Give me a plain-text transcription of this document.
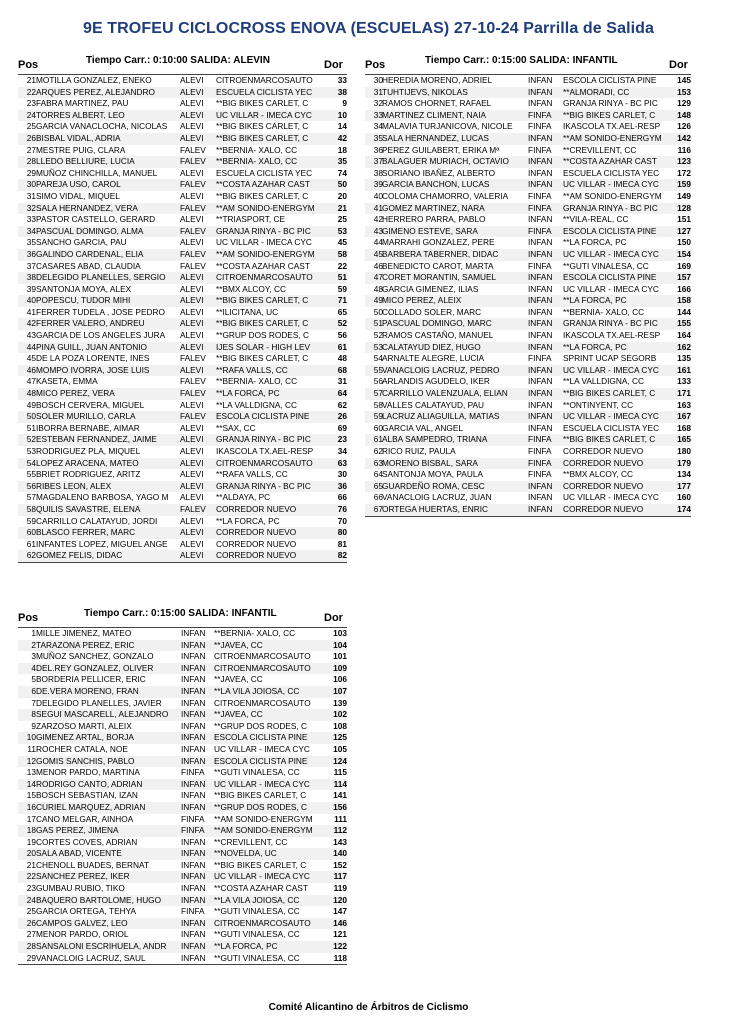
9E TROFEU CICLOCROSS ENOVA (ESCUELAS) 27-10-24 Parrilla de Salida
Pos	Tiempo Carr.: 0:10:00 SALIDA: ALEVIN	Dor
21 MOTILLA GONZALEZ, ENEKO	ALEVI CITROENMARCOSAUTO	33
22 ARQUES PEREZ, ALEJANDRO	ALEVI ESCUELA CICLISTA YEC	38
23 FABRA MARTINEZ, PAU	ALEVI **BIG BIKES CARLET, C	9
24 TORRES ALBERT, LEO	ALEVI UC VILLAR - IMECA CYC	10
25 GARCIA VANACLOCHA, NICOLAS	ALEVI **BIG BIKES CARLET, C	14
26 BISBAL VIDAL, ADRIA	ALEVI **BIG BIKES CARLET, C	42
27 MESTRE PUIG, CLARA	FALEV **BERNIA- XALO, CC	18
28 LLEDO BELLIURE, LUCIA	FALEV **BERNIA- XALO, CC	35
29 MUÑOZ CHINCHILLA, MANUEL	ALEVI ESCUELA CICLISTA YEC	74
30 PAREJA USO, CAROL	FALEV **COSTA AZAHAR CAST	50
31 SIMO VIDAL, MIQUEL	ALEVI **BIG BIKES CARLET, C	20
32 SALA HERNANDEZ, VERA	FALEV **AM SONIDO-ENERGYM	21
33 PASTOR CASTELLO, GERARD	ALEVI **TRIASPORT, CE	25
34 PASCUAL DOMINGO, ALMA	FALEV GRANJA RINYA - BC PIC	53
35 SANCHO GARCIA, PAU	ALEVI UC VILLAR - IMECA CYC	45
36 GALINDO CARDENAL, ELIA	FALEV **AM SONIDO-ENERGYM	58
37 CASARES ABAD, CLAUDIA	FALEV **COSTA AZAHAR CAST	22
38 DELEGIDO PLANELLES, SERGIO	ALEVI CITROENMARCOSAUTO	51
39 SANTONJA MOYA, ALEX	ALEVI **BMX ALCOY, CC	59
40 POPESCU, TUDOR MIHI	ALEVI **BIG BIKES CARLET, C	71
41 FERRER TUDELA , JOSE PEDRO	ALEVI **ILICITANA, UC	65
42 FERRER VALERO, ANDREU	ALEVI **BIG BIKES CARLET, C	52
43 GARCIA DE LOS ANGELES JURA	ALEVI **GRUP DOS RODES, C	56
44 PINA GUILL, JUAN ANTONIO	ALEVI IJES SOLAR - HIGH LEV	61
45 DE LA POZA LORENTE, INES	FALEV **BIG BIKES CARLET, C	48
46 MOMPO IVORRA, JOSE LUIS	ALEVI **RAFA VALLS, CC	68
47 KASETA, EMMA	FALEV **BERNIA- XALO, CC	31
48 MICO PEREZ, VERA	FALEV **LA FORCA, PC	64
49 BOSCH CERVERA, MIGUEL	ALEVI **LA VALLDIGNA, CC	62
50 SOLER MURILLO, CARLA	FALEV ESCOLA CICLISTA PINE	26
51 IBORRA BERNABE, AIMAR	ALEVI **SAX, CC	69
52 ESTEBAN FERNANDEZ, JAIME	ALEVI GRANJA RINYA - BC PIC	23
53 RODRIGUEZ PLA, MIQUEL	ALEVI IKASCOLA TX.AEL-RESP	34
54 LOPEZ ARACENA, MATEO	ALEVI CITROENMARCOSAUTO	63
55 BRIET RODRIGUEZ, ARITZ	ALEVI **RAFA VALLS, CC	30
56 RIBES LEON, ALEX	ALEVI GRANJA RINYA - BC PIC	36
57 MAGDALENO BARBOSA, YAGO M	ALEVI **ALDAYA, PC	66
58 QUILIS SAVASTRE, ELENA	FALEV CORREDOR NUEVO	76
59 CARRILLO CALATAYUD, JORDI	ALEVI **LA FORCA, PC	70
60 BLASCO FERRER, MARC	ALEVI CORREDOR NUEVO	80
61 INFANTES LOPEZ, MIGUEL ANGE	ALEVI CORREDOR NUEVO	81
62 GOMEZ FELIS, DIDAC	ALEVI CORREDOR NUEVO	82
Pos	Tiempo Carr.: 0:15:00 SALIDA: INFANTIL	Dor
30 HEREDIA MORENO, ADRIEL	INFAN ESCOLA CICLISTA PINE	145
31 TUHTIJEVS, NIKOLAS	INFAN **ALMORADI, CC	153
32 RAMOS CHORNET, RAFAEL	INFAN GRANJA RINYA - BC PIC	129
33 MARTINEZ CLIMENT, NAIA	FINFA **BIG BIKES CARLET, C	148
34 MALAVIA TURJANICOVA, NICOLE	FINFA IKASCOLA TX.AEL-RESP	126
35 SALA HERNANDEZ, LUCAS	INFAN **AM SONIDO-ENERGYM	142
36 PEREZ GUILABERT, ERIKA Mª	FINFA **CREVILLENT, CC	116
37 BALAGUER MURIACH, OCTAVIO	INFAN **COSTA AZAHAR CAST	123
38 SORIANO IBAÑEZ, ALBERTO	INFAN ESCUELA CICLISTA YEC	172
39 GARCIA BANCHON, LUCAS	INFAN UC VILLAR - IMECA CYC	159
40 COLOMA CHAMORRO, VALERIA	FINFA **AM SONIDO-ENERGYM	149
41 GOMEZ MARTINEZ, NARA	FINFA GRANJA RINYA - BC PIC	128
42 HERRERO PARRA, PABLO	INFAN **VILA-REAL, CC	151
43 GIMENO ESTEVE, SARA	FINFA ESCOLA CICLISTA PINE	127
44 MARRAHI GONZALEZ, PERE	INFAN **LA FORCA, PC	150
45 BARBERA TABERNER, DIDAC	INFAN UC VILLAR - IMECA CYC	154
46 BENEDICTO CAROT, MARTA	FINFA **GUTI VINALESA, CC	169
47 CORET MORANTIN, SAMUEL	INFAN ESCOLA CICLISTA PINE	157
48 GARCIA GIMENEZ, ILIAS	INFAN UC VILLAR - IMECA CYC	166
49 MICO PEREZ, ALEIX	INFAN **LA FORCA, PC	158
50 COLLADO SOLER, MARC	INFAN **BERNIA- XALO, CC	144
51 PASCUAL DOMINGO, MARC	INFAN GRANJA RINYA - BC PIC	155
52 RAMOS CASTAÑO, MANUEL	INFAN IKASCOLA TX.AEL-RESP	164
53 CALATAYUD DIEZ, HUGO	INFAN **LA FORCA, PC	162
54 ARNALTE ALEGRE, LUCIA	FINFA SPRINT UCAP SEGORB	135
55 VANACLOIG LACRUZ, PEDRO	INFAN UC VILLAR - IMECA CYC	161
56 ARLANDIS AGUDELO, IKER	INFAN **LA VALLDIGNA, CC	133
57 CARRILLO VALENZUALA, ELIAN	INFAN **BIG BIKES CARLET, C	171
58 VALLES CALATAYUD, PAU	INFAN **ONTINYENT, CC	163
59 LACRUZ ALIAGUILLA, MATIAS	INFAN UC VILLAR - IMECA CYC	167
60 GARCIA VAL, ANGEL	INFAN ESCUELA CICLISTA YEC	168
61 ALBA SAMPEDRO, TRIANA	FINFA **BIG BIKES CARLET, C	165
62 RICO RUIZ, PAULA	FINFA CORREDOR NUEVO	180
63 MORENO BISBAL, SARA	FINFA CORREDOR NUEVO	179
64 SANTONJA MOYA, PAULA	FINFA **BMX ALCOY, CC	134
65 GUARDEÑO ROMA, CESC	INFAN CORREDOR NUEVO	177
66 VANACLOIG LACRUZ, JUAN	INFAN UC VILLAR - IMECA CYC	160
67 ORTEGA HUERTAS, ENRIC	INFAN CORREDOR NUEVO	174
Pos	Tiempo Carr.: 0:15:00 SALIDA: INFANTIL	Dor
1 MILLE JIMENEZ, MATEO	INFAN **BERNIA- XALO, CC	103
2 TARAZONA PEREZ, ERIC	INFAN **JAVEA, CC	104
3 MUÑOZ SANCHEZ, GONZALO	INFAN CITROENMARCOSAUTO	101
4 DEL.REY GONZALEZ, OLIVER	INFAN CITROENMARCOSAUTO	109
5 BORDERIA PELLICER, ERIC	INFAN **JAVEA, CC	106
6 DE.VERA MORENO, FRAN	INFAN **LA VILA JOIOSA, CC	107
7 DELEGIDO PLANELLES, JAVIER	INFAN CITROENMARCOSAUTO	139
8 SEGUI MASCARELL, ALEJANDRO	INFAN **JAVEA, CC	102
9 ZARZOSO MARTI, ALEIX	INFAN **GRUP DOS RODES, C	108
10 GIMENEZ ARTAL, BORJA	INFAN ESCOLA CICLISTA PINE	125
11 ROCHER CATALA, NOE	INFAN UC VILLAR - IMECA CYC	105
12 GOMIS SANCHIS, PABLO	INFAN ESCOLA CICLISTA PINE	124
13 MENOR PARDO, MARTINA	FINFA **GUTI VINALESA, CC	115
14 RODRIGO CANTO, ADRIAN	INFAN UC VILLAR - IMECA CYC	114
15 BOSCH SEBASTIAN, IZAN	INFAN **BIG BIKES CARLET, C	141
16 CURIEL MARQUEZ, ADRIAN	INFAN **GRUP DOS RODES, C	156
17 CANO MELGAR, AINHOA	FINFA **AM SONIDO-ENERGYM	111
18 GAS PEREZ, JIMENA	FINFA **AM SONIDO-ENERGYM	112
19 CORTES COVES, ADRIAN	INFAN **CREVILLENT, CC	143
20 SALA ABAD, VICENTE	INFAN **NOVELDA, UC	140
21 CHENOLL BUADES, BERNAT	INFAN **BIG BIKES CARLET, C	152
22 SANCHEZ PEREZ, IKER	INFAN UC VILLAR - IMECA CYC	117
23 GUMBAU RUBIO, TIKO	INFAN **COSTA AZAHAR CAST	119
24 BAQUERO BARTOLOME, HUGO	INFAN **LA VILA JOIOSA, CC	120
25 GARCIA ORTEGA, TEHYA	FINFA **GUTI VINALESA, CC	147
26 CAMPOS GALVEZ, LEO	INFAN CITROENMARCOSAUTO	146
27 MENOR PARDO, ORIOL	INFAN **GUTI VINALESA, CC	121
28 SANSALONI ESCRIHUELA, ANDR	INFAN **LA FORCA, PC	122
29 VANACLOIG LACRUZ, SAUL	INFAN **GUTI VINALESA, CC	118
Comité Alicantino de Árbitros de Ciclismo
